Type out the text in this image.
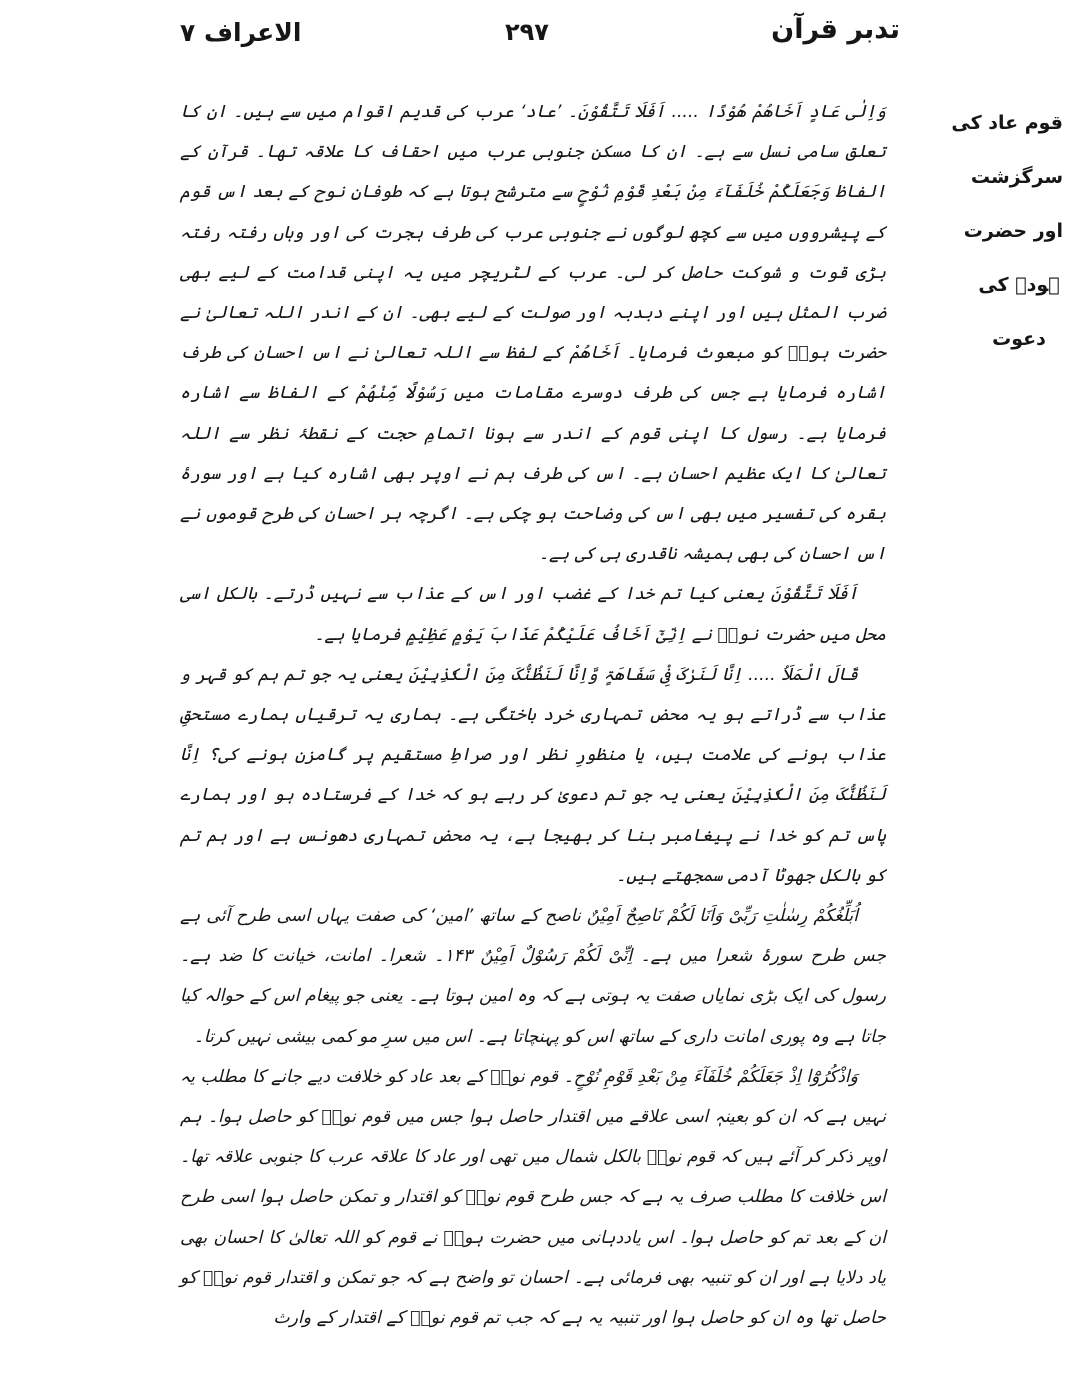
تدبر قرآن
۲۹۷
الاعراف ۷
قوم عاد کی
سرگزشت
اور حضرت
ہودؑ کی
دعوت

وَاِلٰی عَادٍ اَخَاھُمْ ھُوْدًا ..... اَفَلَا تَتَّقُوْنَ۔ ’عاد‘ عرب کی قدیم اقوام میں سے ہیں۔ ان کا تعلق سامی نسل سے ہے۔ ان کا مسکن جنوبی عرب میں احقاف کا علاقہ تھا۔ قرآن کے الفاظ وَجَعَلَکُمْ خُلَفَآءَ مِنْ بَعْدِ قَوْمِ نُوْحٍ سے مترشح ہوتا ہے کہ طوفانِ نوح کے بعد اس قوم کے پیشرووں میں سے کچھ لوگوں نے جنوبی عرب کی طرف ہجرت کی اور وہاں رفتہ رفتہ بڑی قوت و شوکت حاصل کر لی۔ عرب کے لٹریچر میں یہ اپنی قدامت کے لیے بھی ضرب المثل ہیں اور اپنے دبدبہ اور صولت کے لیے بھی۔ ان کے اندر اللہ تعالیٰ نے حضرت ہودؑ کو مبعوث فرمایا۔ اَخَاھُمْ کے لفظ سے اللہ تعالیٰ نے اس احسان کی طرف اشارہ فرمایا ہے جس کی طرف دوسرے مقامات میں رَسُوْلًا مِّنْھُمْ کے الفاظ سے اشارہ فرمایا ہے۔ رسول کا اپنی قوم کے اندر سے ہونا اتمامِ حجت کے نقطۂ نظر سے اللہ تعالیٰ کا ایک عظیم احسان ہے۔ اس کی طرف ہم نے اوپر بھی اشارہ کیا ہے اور سورۂ بقرہ کی تفسیر میں بھی اس کی وضاحت ہو چکی ہے۔ اگرچہ ہر احسان کی طرح قوموں نے اس احسان کی بھی ہمیشہ ناقدری ہی کی ہے۔

اَفَلَا تَتَّقُوْنَ یعنی کیا تم خدا کے غضب اور اس کے عذاب سے نہیں ڈرتے۔ بالکل اسی محل میں حضرت نوحؑ نے اِنِّیْٓ اَخَافُ عَلَیْکُمْ عَذَابَ یَوْمٍ عَظِیْمٍ فرمایا ہے۔

قَالَ الْمَلَاُ ..... اِنَّا لَنَرٰکَ فِیْ سَفَاھَۃٍ وَّاِنَّا لَنَظُنُّکَ مِنَ الْکٰذِبِیْنَ یعنی یہ جو تم ہم کو قہر و عذاب سے ڈراتے ہو یہ محض تمہاری خرد باختگی ہے۔ ہماری یہ ترقیاں ہمارے مستحقِ عذاب ہونے کی علامت ہیں، یا منظورِ نظر اور صراطِ مستقیم پر گامزن ہونے کی؟ اِنَّا لَنَظُنُّکَ مِنَ الْکٰذِبِیْنَ یعنی یہ جو تم دعویٰ کر رہے ہو کہ خدا کے فرستادہ ہو اور ہمارے پاس تم کو خدا نے پیغامبر بنا کر بھیجا ہے، یہ محض تمہاری دھونس ہے اور ہم تم کو بالکل جھوٹا آدمی سمجھتے ہیں۔

اُبَلِّغُکُمْ رِسٰلٰتِ رَبِّیْ وَاَنَا لَکُمْ نَاصِحٌ اَمِیْنٌ ناصح کے ساتھ ’امین‘ کی صفت یہاں اسی طرح آئی ہے جس طرح سورۂ شعرا میں ہے۔ اِنِّیْ لَکُمْ رَسُوْلٌ اَمِیْنٌ ۱۴۳۔ شعرا۔ امانت، خیانت کا ضد ہے۔ رسول کی ایک بڑی نمایاں صفت یہ ہوتی ہے کہ وہ امین ہوتا ہے۔ یعنی جو پیغام اس کے حوالہ کیا جاتا ہے وہ پوری امانت داری کے ساتھ اس کو پہنچاتا ہے۔ اس میں سرِ مو کمی بیشی نہیں کرتا۔

وَاذْکُرُوْٓا اِذْ جَعَلَکُمْ خُلَفَآءَ مِنْ بَعْدِ قَوْمِ نُوْحٍ۔ قوم نوحؑ کے بعد عاد کو خلافت دیے جانے کا مطلب یہ نہیں ہے کہ ان کو بعینہٖ اسی علاقے میں اقتدار حاصل ہوا جس میں قوم نوحؑ کو حاصل ہوا۔ ہم اوپر ذکر کر آئے ہیں کہ قوم نوحؑ بالکل شمال میں تھی اور عاد کا علاقہ عرب کا جنوبی علاقہ تھا۔ اس خلافت کا مطلب صرف یہ ہے کہ جس طرح قوم نوحؑ کو اقتدار و تمکن حاصل ہوا اسی طرح ان کے بعد تم کو حاصل ہوا۔ اس یاددہانی میں حضرت ہودؑ نے قوم کو اللہ تعالیٰ کا احسان بھی یاد دلایا ہے اور ان کو تنبیہ بھی فرمائی ہے۔ احسان تو واضح ہے کہ جو تمکن و اقتدار قوم نوحؑ کو حاصل تھا وہ ان کو حاصل ہوا اور تنبیہ یہ ہے کہ جب تم قوم نوحؑ کے اقتدار کے وارث
